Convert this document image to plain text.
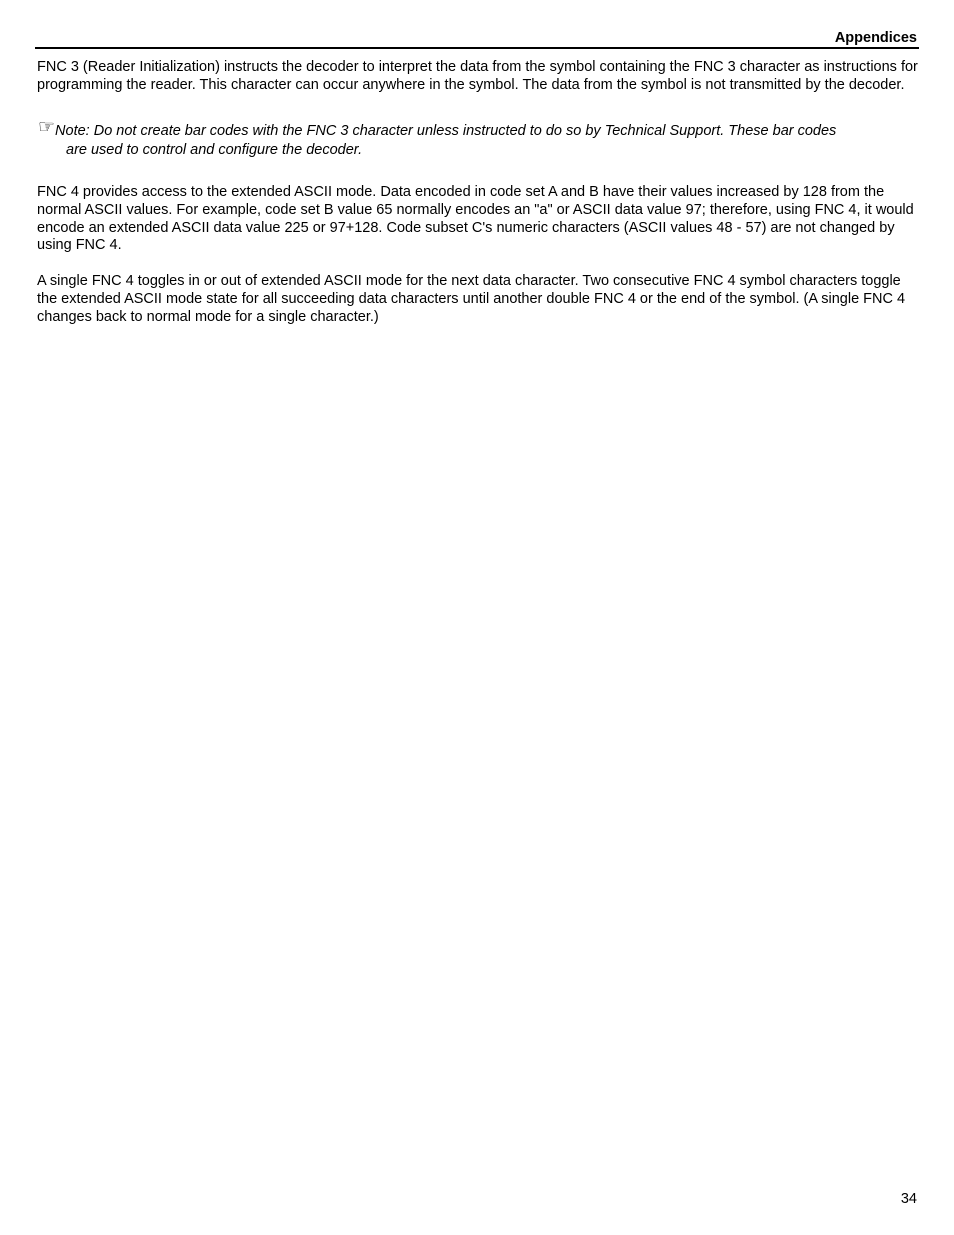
Appendices

FNC 3 (Reader Initialization) instructs the decoder to interpret the data from the symbol containing the FNC 3 character as instructions for programming the reader. This character can occur anywhere in the symbol. The data from the symbol is not transmitted by the decoder.

☞Note: Do not create bar codes with the FNC 3 character unless instructed to do so by Technical Support. These bar codes
are used to control and configure the decoder.

FNC 4 provides access to the extended ASCII mode. Data encoded in code set A and B have their values increased by 128 from the normal ASCII values. For example, code set B value 65 normally encodes an "a" or ASCII data value 97; therefore, using FNC 4, it would encode an extended ASCII data value 225 or 97+128. Code subset C's numeric characters (ASCII values 48 - 57) are not changed by using FNC 4.

A single FNC 4 toggles in or out of extended ASCII mode for the next data character. Two consecutive FNC 4 symbol characters toggle the extended ASCII mode state for all succeeding data characters until another double FNC 4 or the end of the symbol. (A single FNC 4 changes back to normal mode for a single character.)

34
